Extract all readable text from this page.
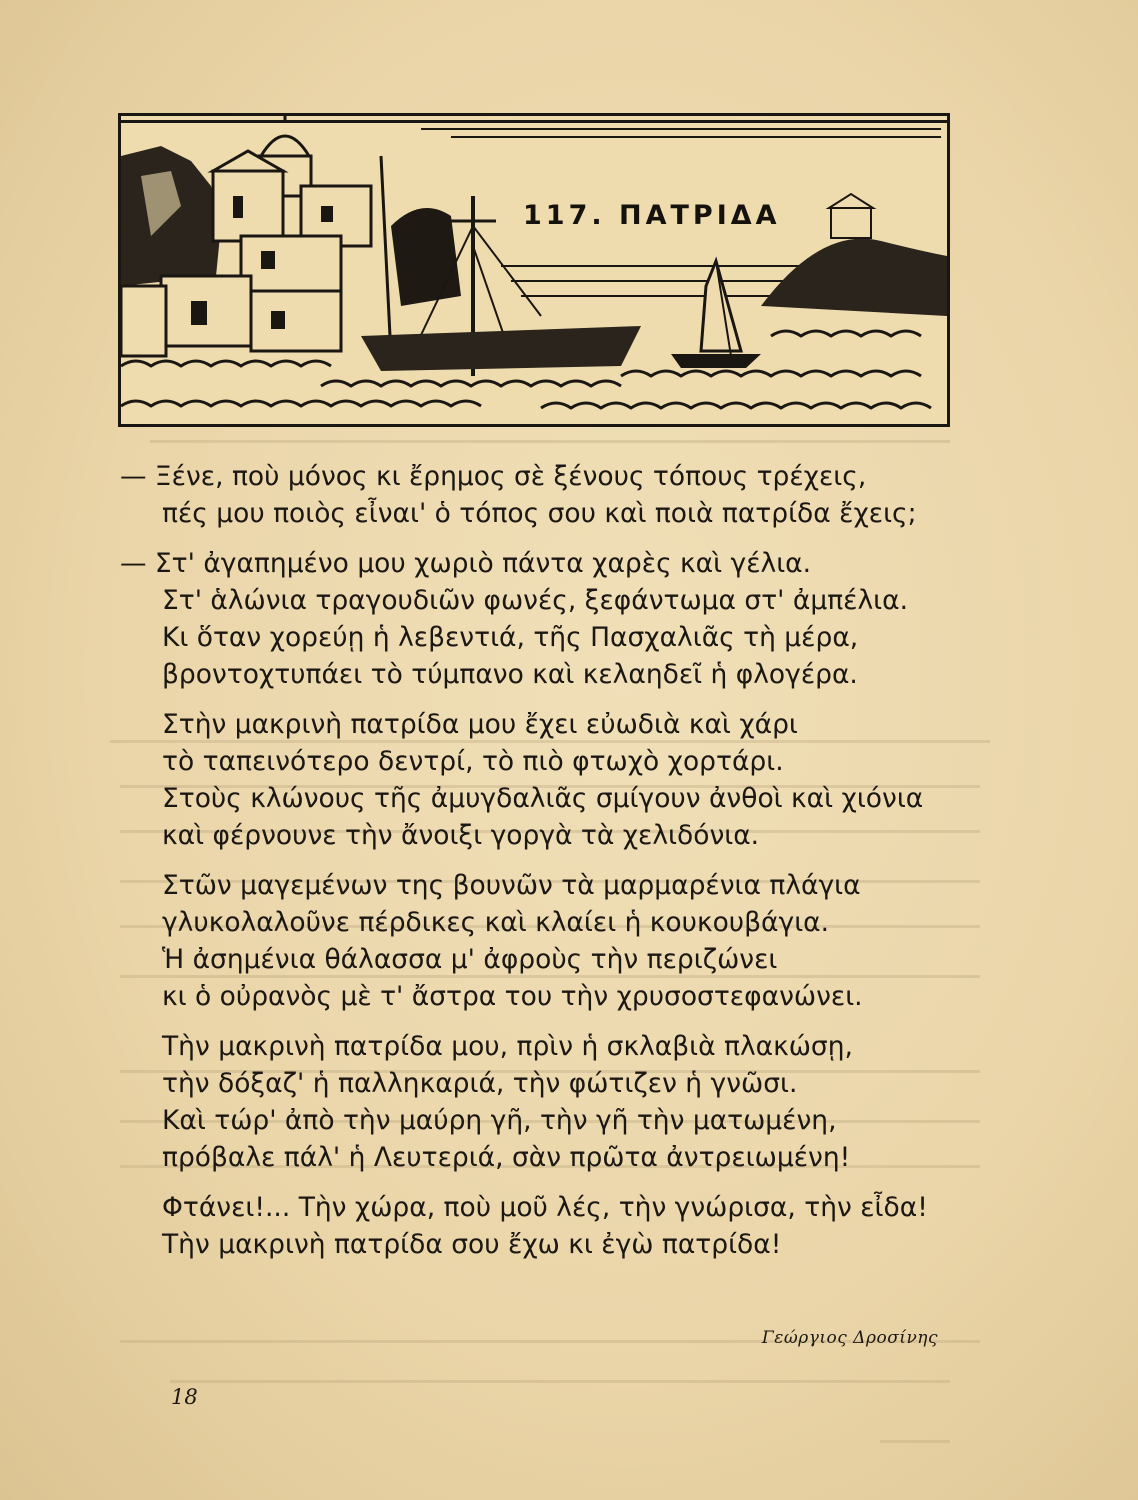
117. ΠΑΤΡΙΔΑ
— Ξένε, ποὺ μόνος κι ἔρημος σὲ ξένους τόπους τρέχεις,
πές μου ποιὸς εἶναι' ὁ τόπος σου καὶ ποιὰ πατρίδα ἔχεις;
— Στ' ἀγαπημένο μου χωριὸ πάντα χαρὲς καὶ γέλια.
Στ' ἁλώνια τραγουδιῶν φωνές, ξεφάντωμα στ' ἀμπέλια.
Κι ὅταν χορεύῃ ἡ λεβεντιά, τῆς Πασχαλιᾶς τὴ μέρα,
βροντοχτυπάει τὸ τύμπανο καὶ κελαηδεῖ ἡ φλογέρα.
Στὴν μακρινὴ πατρίδα μου ἔχει εὐωδιὰ καὶ χάρι
τὸ ταπεινότερο δεντρί, τὸ πιὸ φτωχὸ χορτάρι.
Στοὺς κλώνους τῆς ἀμυγδαλιᾶς σμίγουν ἀνθοὶ καὶ χιόνια
καὶ φέρνουνε τὴν ἄνοιξι γοργὰ τὰ χελιδόνια.
Στῶν μαγεμένων της βουνῶν τὰ μαρμαρένια πλάγια
γλυκολαλοῦνε πέρδικες καὶ κλαίει ἡ κουκουβάγια.
Ἡ ἀσημένια θάλασσα μ' ἀφροὺς τὴν περιζώνει
κι ὁ οὐρανὸς μὲ τ' ἄστρα του τὴν χρυσοστεφανώνει.
Τὴν μακρινὴ πατρίδα μου, πρὶν ἡ σκλαβιὰ πλακώσῃ,
τὴν δόξαζ' ἡ παλληκαριά, τὴν φώτιζεν ἡ γνῶσι.
Καὶ τώρ' ἀπὸ τὴν μαύρη γῆ, τὴν γῆ τὴν ματωμένη,
πρόβαλε πάλ' ἡ Λευτεριά, σὰν πρῶτα ἀντρειωμένη!
Φτάνει!... Τὴν χώρα, ποὺ μοῦ λές, τὴν γνώρισα, τὴν εἶδα!
Τὴν μακρινὴ πατρίδα σου ἔχω κι ἐγὼ πατρίδα!
Γεώργιος Δροσίνης
18
